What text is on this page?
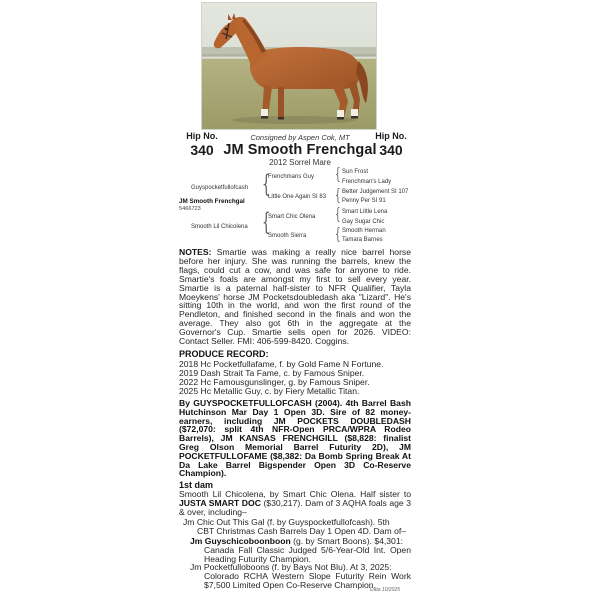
Consigned by Aspen Cok, MT
Hip No.
340
Hip No.
340
JM Smooth Frenchgal
2012 Sorrel Mare
Guyspocketfullofcash {
Frenchmans Guy
Little One Again SI 83
{ Sun Frost
Frenchman's Lady
{ Better Judgement SI 107
Penny Per SI 91
JM Smooth Frenchgal
5466723
Smooth Lil Chicolena {
Smart Chic Olena
Smooth Sierra
{ Smart Little Lena
Gay Sugar Chic
{ Smooth Herman
Tamara Barnes
NOTES: Smartie was making a really nice barrel horse before her injury. She was running the barrels, knew the flags, could cut a cow, and was safe for anyone to ride. Smartie's foals are amongst my first to sell every year. Smartie is a paternal half-sister to NFR Qualifier, Tayla Moeykens' horse JM Pocketsdoubledash aka "Lizard". He's sitting 10th in the world, and won the first round of the Pendleton, and finished second in the finals and won the average. They also got 6th in the aggregate at the Governor's Cup. Smartie sells open for 2026. VIDEO: Contact Seller. FMI: 406-599-8420. Coggins.
PRODUCE RECORD:
2018 Hc Pocketfullafame, f. by Gold Fame N Fortune.
2019 Dash Strait Ta Fame, c. by Famous Sniper.
2022 Hc Famousgunslinger, g. by Famous Sniper.
2025 Hc Metallic Guy, c. by Fiery Metallic Titan.
By GUYSPOCKETFULLOFCASH (2004). 4th Barrel Bash Hutchinson Mar Day 1 Open 3D. Sire of 82 money-earners, including JM POCKETS DOUBLEDASH ($72,070: split 4th NFR-Open PRCA/WPRA Rodeo Barrels), JM KANSAS FRENCHGILL ($8,828: finalist Greg Olson Memorial Barrel Futurity 2D), JM POCKETFULLOFAME ($8,382: Da Bomb Spring Break At Da Lake Barrel Bigspender Open 3D Co-Reserve Champion).
1st dam
Smooth Lil Chicolena, by Smart Chic Olena. Half sister to JUSTA SMART DOC ($30,217). Dam of 3 AQHA foals age 3 & over, including–
Jm Chic Out This Gal (f. by Guyspocketfullofcash). 5th
CBT Christmas Cash Barrels Day 1 Open 4D. Dam of–
Jm Guyschicoboonboon (g. by Smart Boons). $4,301:
Canada Fall Classic Judged 5/6-Year-Old Int. Open Heading Futurity Champion.
Jm Pocketfulloboons (f. by Bays Not Blu). At 3, 2025:
Colorado RCHA Western Slope Futurity Rein Work $7,500 Limited Open Co-Reserve Champion.
Data 10/2025
